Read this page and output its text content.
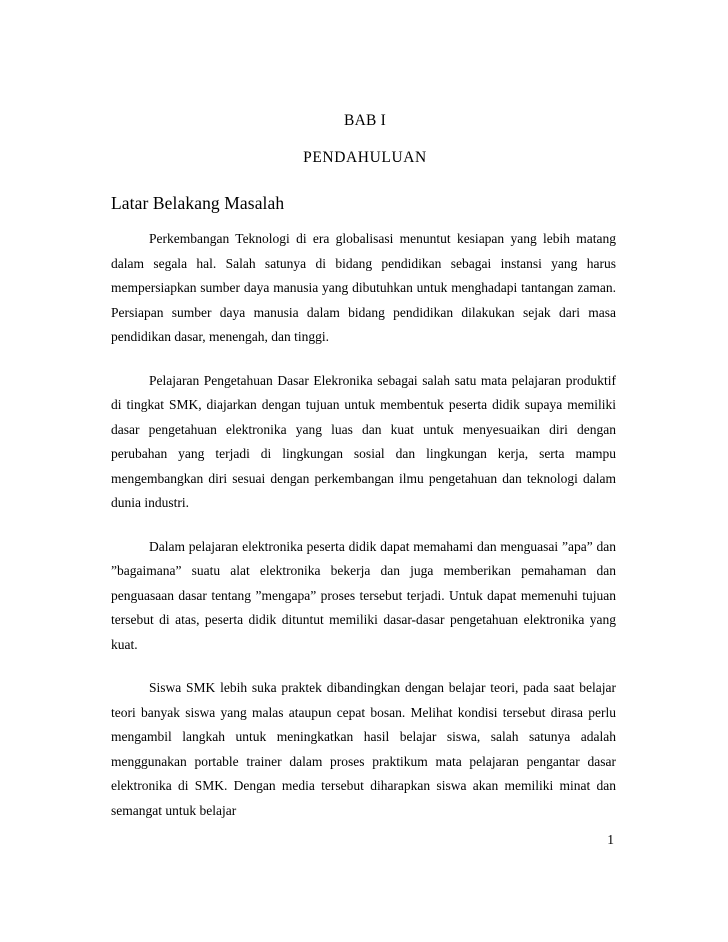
BAB I
PENDAHULUAN
Latar Belakang Masalah

Perkembangan Teknologi di era globalisasi menuntut kesiapan yang lebih matang dalam segala hal. Salah satunya di bidang pendidikan sebagai instansi yang harus mempersiapkan sumber daya manusia yang dibutuhkan untuk menghadapi tantangan zaman. Persiapan sumber daya manusia dalam bidang pendidikan dilakukan sejak dari masa pendidikan dasar, menengah, dan tinggi.

Pelajaran Pengetahuan Dasar Elekronika sebagai salah satu mata pelajaran produktif di tingkat SMK, diajarkan dengan tujuan untuk membentuk peserta didik supaya memiliki dasar pengetahuan elektronika yang luas dan kuat untuk menyesuaikan diri dengan perubahan yang terjadi di lingkungan sosial dan lingkungan kerja, serta mampu mengembangkan diri sesuai dengan perkembangan ilmu pengetahuan dan teknologi dalam dunia industri.

Dalam pelajaran elektronika peserta didik dapat memahami dan menguasai ”apa” dan ”bagaimana” suatu alat elektronika bekerja dan juga memberikan pemahaman dan penguasaan dasar tentang ”mengapa” proses tersebut terjadi. Untuk dapat memenuhi tujuan tersebut di atas, peserta didik dituntut memiliki dasar-dasar pengetahuan elektronika yang kuat.

Siswa SMK lebih suka praktek dibandingkan dengan belajar teori, pada saat belajar teori banyak siswa yang malas ataupun cepat bosan. Melihat kondisi tersebut dirasa perlu mengambil langkah untuk meningkatkan hasil belajar siswa, salah satunya adalah menggunakan portable trainer dalam proses praktikum mata pelajaran pengantar dasar elektronika di SMK. Dengan media tersebut diharapkan siswa akan memiliki minat dan semangat untuk belajar

1
